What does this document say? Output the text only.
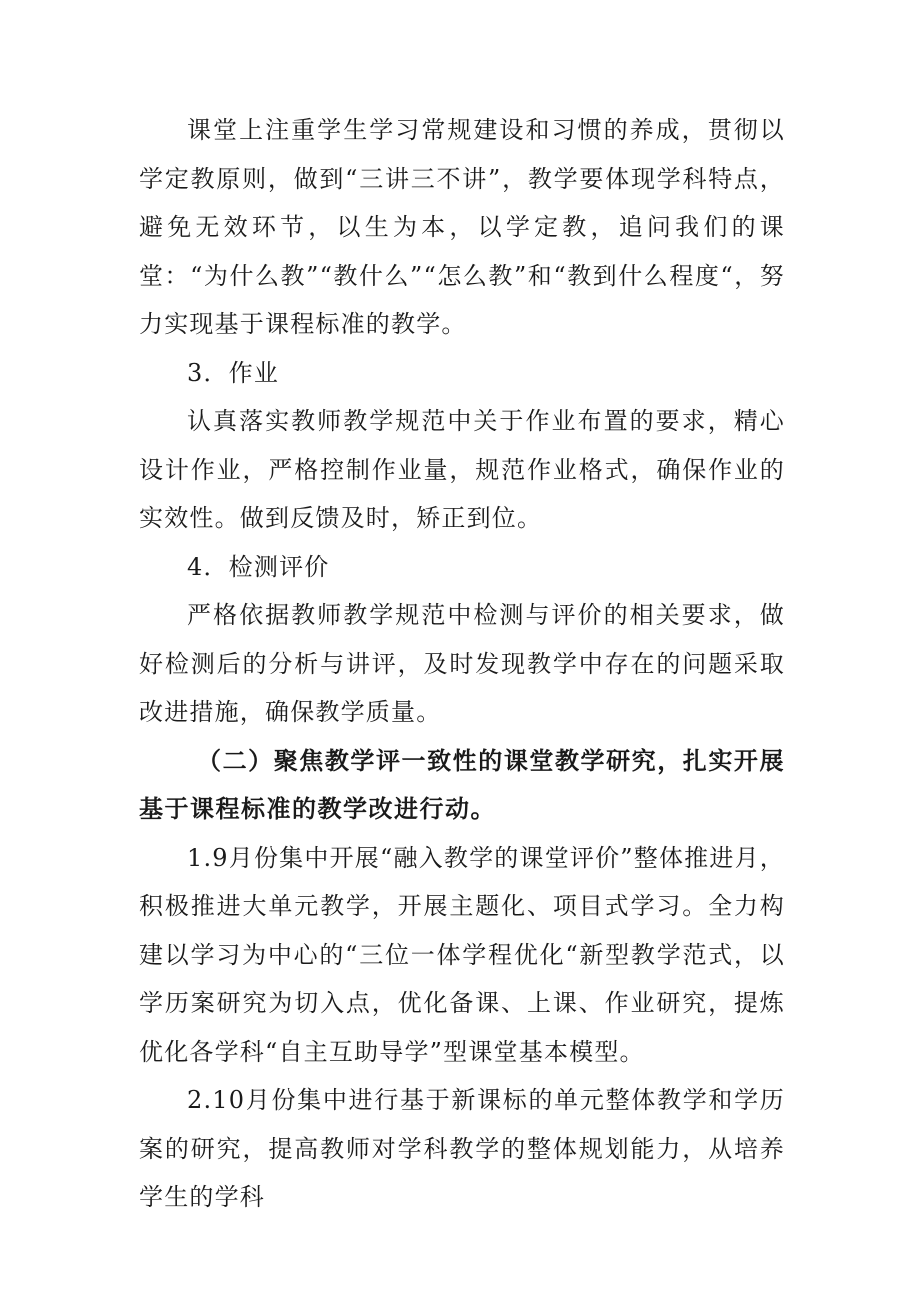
课堂上注重学生学习常规建设和习惯的养成，贯彻以学定教原则，做到“三讲三不讲”，教学要体现学科特点，避免无效环节，以生为本，以学定教，追问我们的课堂：“为什么教”“教什么”“怎么教”和“教到什么程度“，努力实现基于课程标准的教学。

3．作业

认真落实教师教学规范中关于作业布置的要求，精心设计作业，严格控制作业量，规范作业格式，确保作业的实效性。做到反馈及时，矫正到位。

4．检测评价

严格依据教师教学规范中检测与评价的相关要求，做好检测后的分析与讲评，及时发现教学中存在的问题采取改进措施，确保教学质量。

（二）聚焦教学评一致性的课堂教学研究，扎实开展基于课程标准的教学改进行动。

1.9月份集中开展“融入教学的课堂评价”整体推进月，积极推进大单元教学，开展主题化、项目式学习。全力构建以学习为中心的“三位一体学程优化“新型教学范式，以学历案研究为切入点，优化备课、上课、作业研究，提炼优化各学科“自主互助导学”型课堂基本模型。

2.10月份集中进行基于新课标的单元整体教学和学历案的研究，提高教师对学科教学的整体规划能力，从培养学生的学科
